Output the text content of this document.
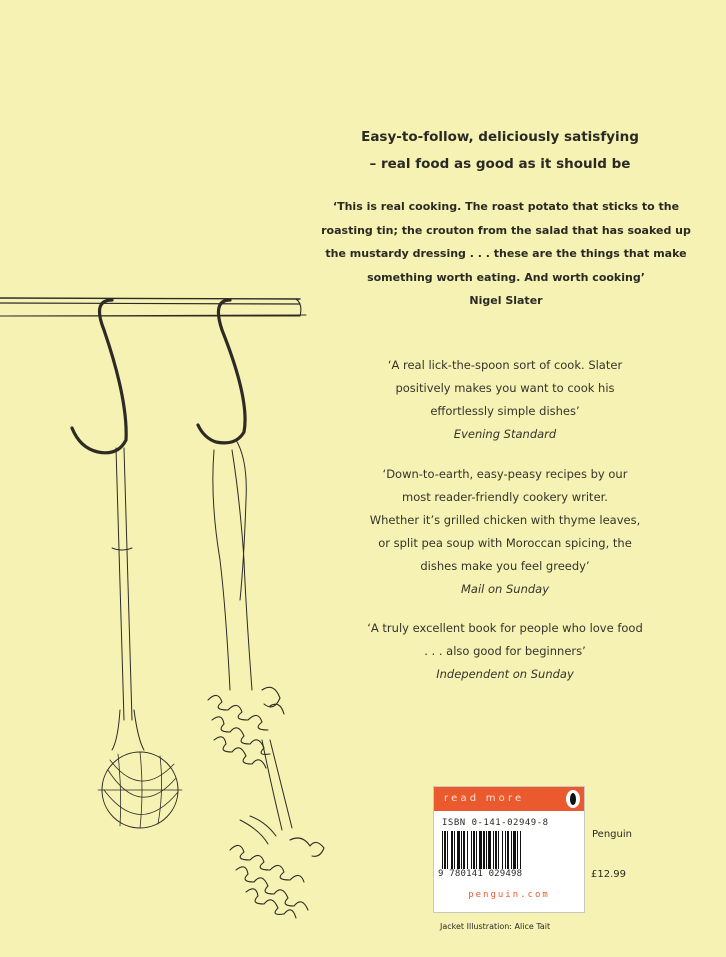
Easy-to-follow, deliciously satisfying
– real food as good as it should be
‘This is real cooking. The roast potato that sticks to the
roasting tin; the crouton from the salad that has soaked up
the mustardy dressing . . . these are the things that make
something worth eating. And worth cooking’
Nigel Slater
‘A real lick-the-spoon sort of cook. Slater
positively makes you want to cook his
effortlessly simple dishes’
Evening Standard
‘Down-to-earth, easy-peasy recipes by our
most reader-friendly cookery writer.
Whether it’s grilled chicken with thyme leaves,
or split pea soup with Moroccan spicing, the
dishes make you feel greedy’
Mail on Sunday
‘A truly excellent book for people who love food
. . . also good for beginners’
Independent on Sunday
read more
ISBN 0-141-02949-8
9 780141 029498
penguin.com
Penguin
£12.99
Jacket Illustration: Alice Tait
